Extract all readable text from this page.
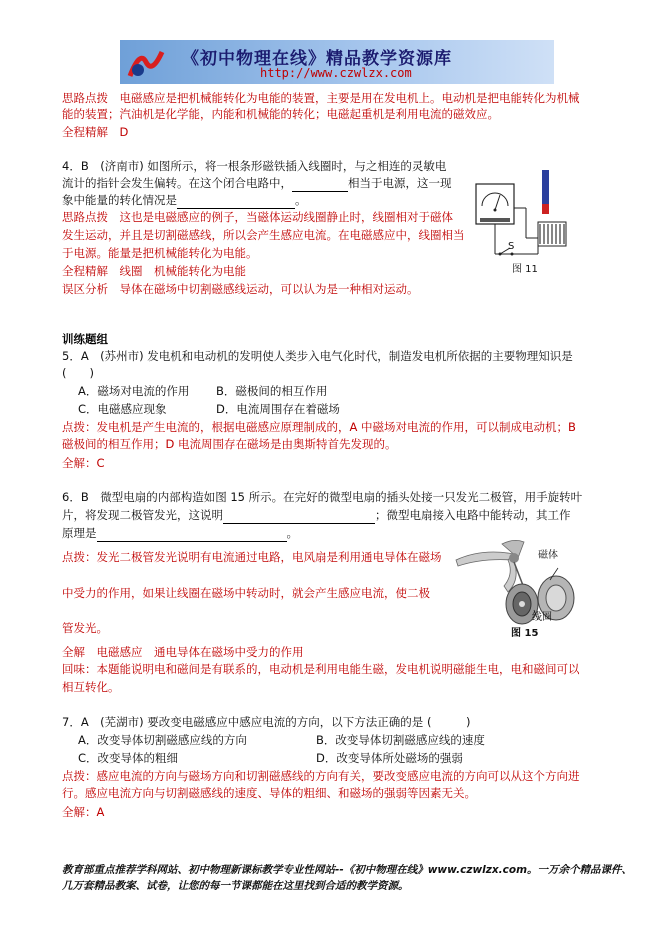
《初中物理在线》精品教学资源库
http://www.czwlzx.com
思路点拨　电磁感应是把机械能转化为电能的装置，主要是用在发电机上。电动机是把电能转化为机械
能的装置；汽油机是化学能，内能和机械能的转化；电磁起重机是利用电流的磁效应。
全程精解　D
4．B　(济南市) 如图所示，将一根条形磁铁插入线圈时，与之相连的灵敏电
流计的指针会发生偏转。在这个闭合电路中，	相当于电源，这一现
象中能量的转化情况是	。
思路点拨　这也是电磁感应的例子，当磁体运动线圈静止时，线圈相对于磁体
发生运动，并且是切割磁感线，所以会产生感应电流。在电磁感应中，线圈相当
于电源。能量是把机械能转化为电能。
全程精解　线圈　机械能转化为电能
误区分析　导体在磁场中切割磁感线运动，可以认为是一种相对运动。
S
图 11
训练题组
5．A　(苏州市) 发电机和电动机的发明使人类步入电气化时代，制造发电机所依据的主要物理知识是
(　　)
A．磁场对电流的作用 B．磁极间的相互作用
C．电磁感应现象	D．电流周围存在着磁场
点拨：发电机是产生电流的，根据电磁感应原理制成的，A 中磁场对电流的作用，可以制成电动机；B
磁极间的相互作用；D 电流周围存在磁场是由奥斯特首先发现的。
全解：C
6．B　微型电扇的内部构造如图 15 所示。在完好的微型电扇的插头处接一只发光二极管，用手旋转叶
片，将发现二极管发光，这说明	；微型电扇接入电路中能转动，其工作
原理是	。
点拨：发光二极管发光说明有电流通过电路，电风扇是利用通电导体在磁场
中受力的作用，如果让线圈在磁场中转动时，就会产生感应电流，使二极
管发光。
磁体
线圈
图 15
全解　电磁感应　通电导体在磁场中受力的作用
回味：本题能说明电和磁间是有联系的，电动机是利用电能生磁，发电机说明磁能生电，电和磁间可以
相互转化。
7．A　(芜湖市) 要改变电磁感应中感应电流的方向，以下方法正确的是 (　　　)
A．改变导体切割磁感应线的方向	B．改变导体切割磁感应线的速度
C．改变导体的粗细	D．改变导体所处磁场的强弱
点拨：感应电流的方向与磁场方向和切割磁感线的方向有关，要改变感应电流的方向可以从这个方向进
行。感应电流方向与切割磁感线的速度、导体的粗细、和磁场的强弱等因素无关。
全解：A
教育部重点推荐学科网站、初中物理新课标教学专业性网站--《初中物理在线》www.czwlzx.com。一万余个精品课件、
几万套精品教案、试卷，让您的每一节课都能在这里找到合适的教学资源。
